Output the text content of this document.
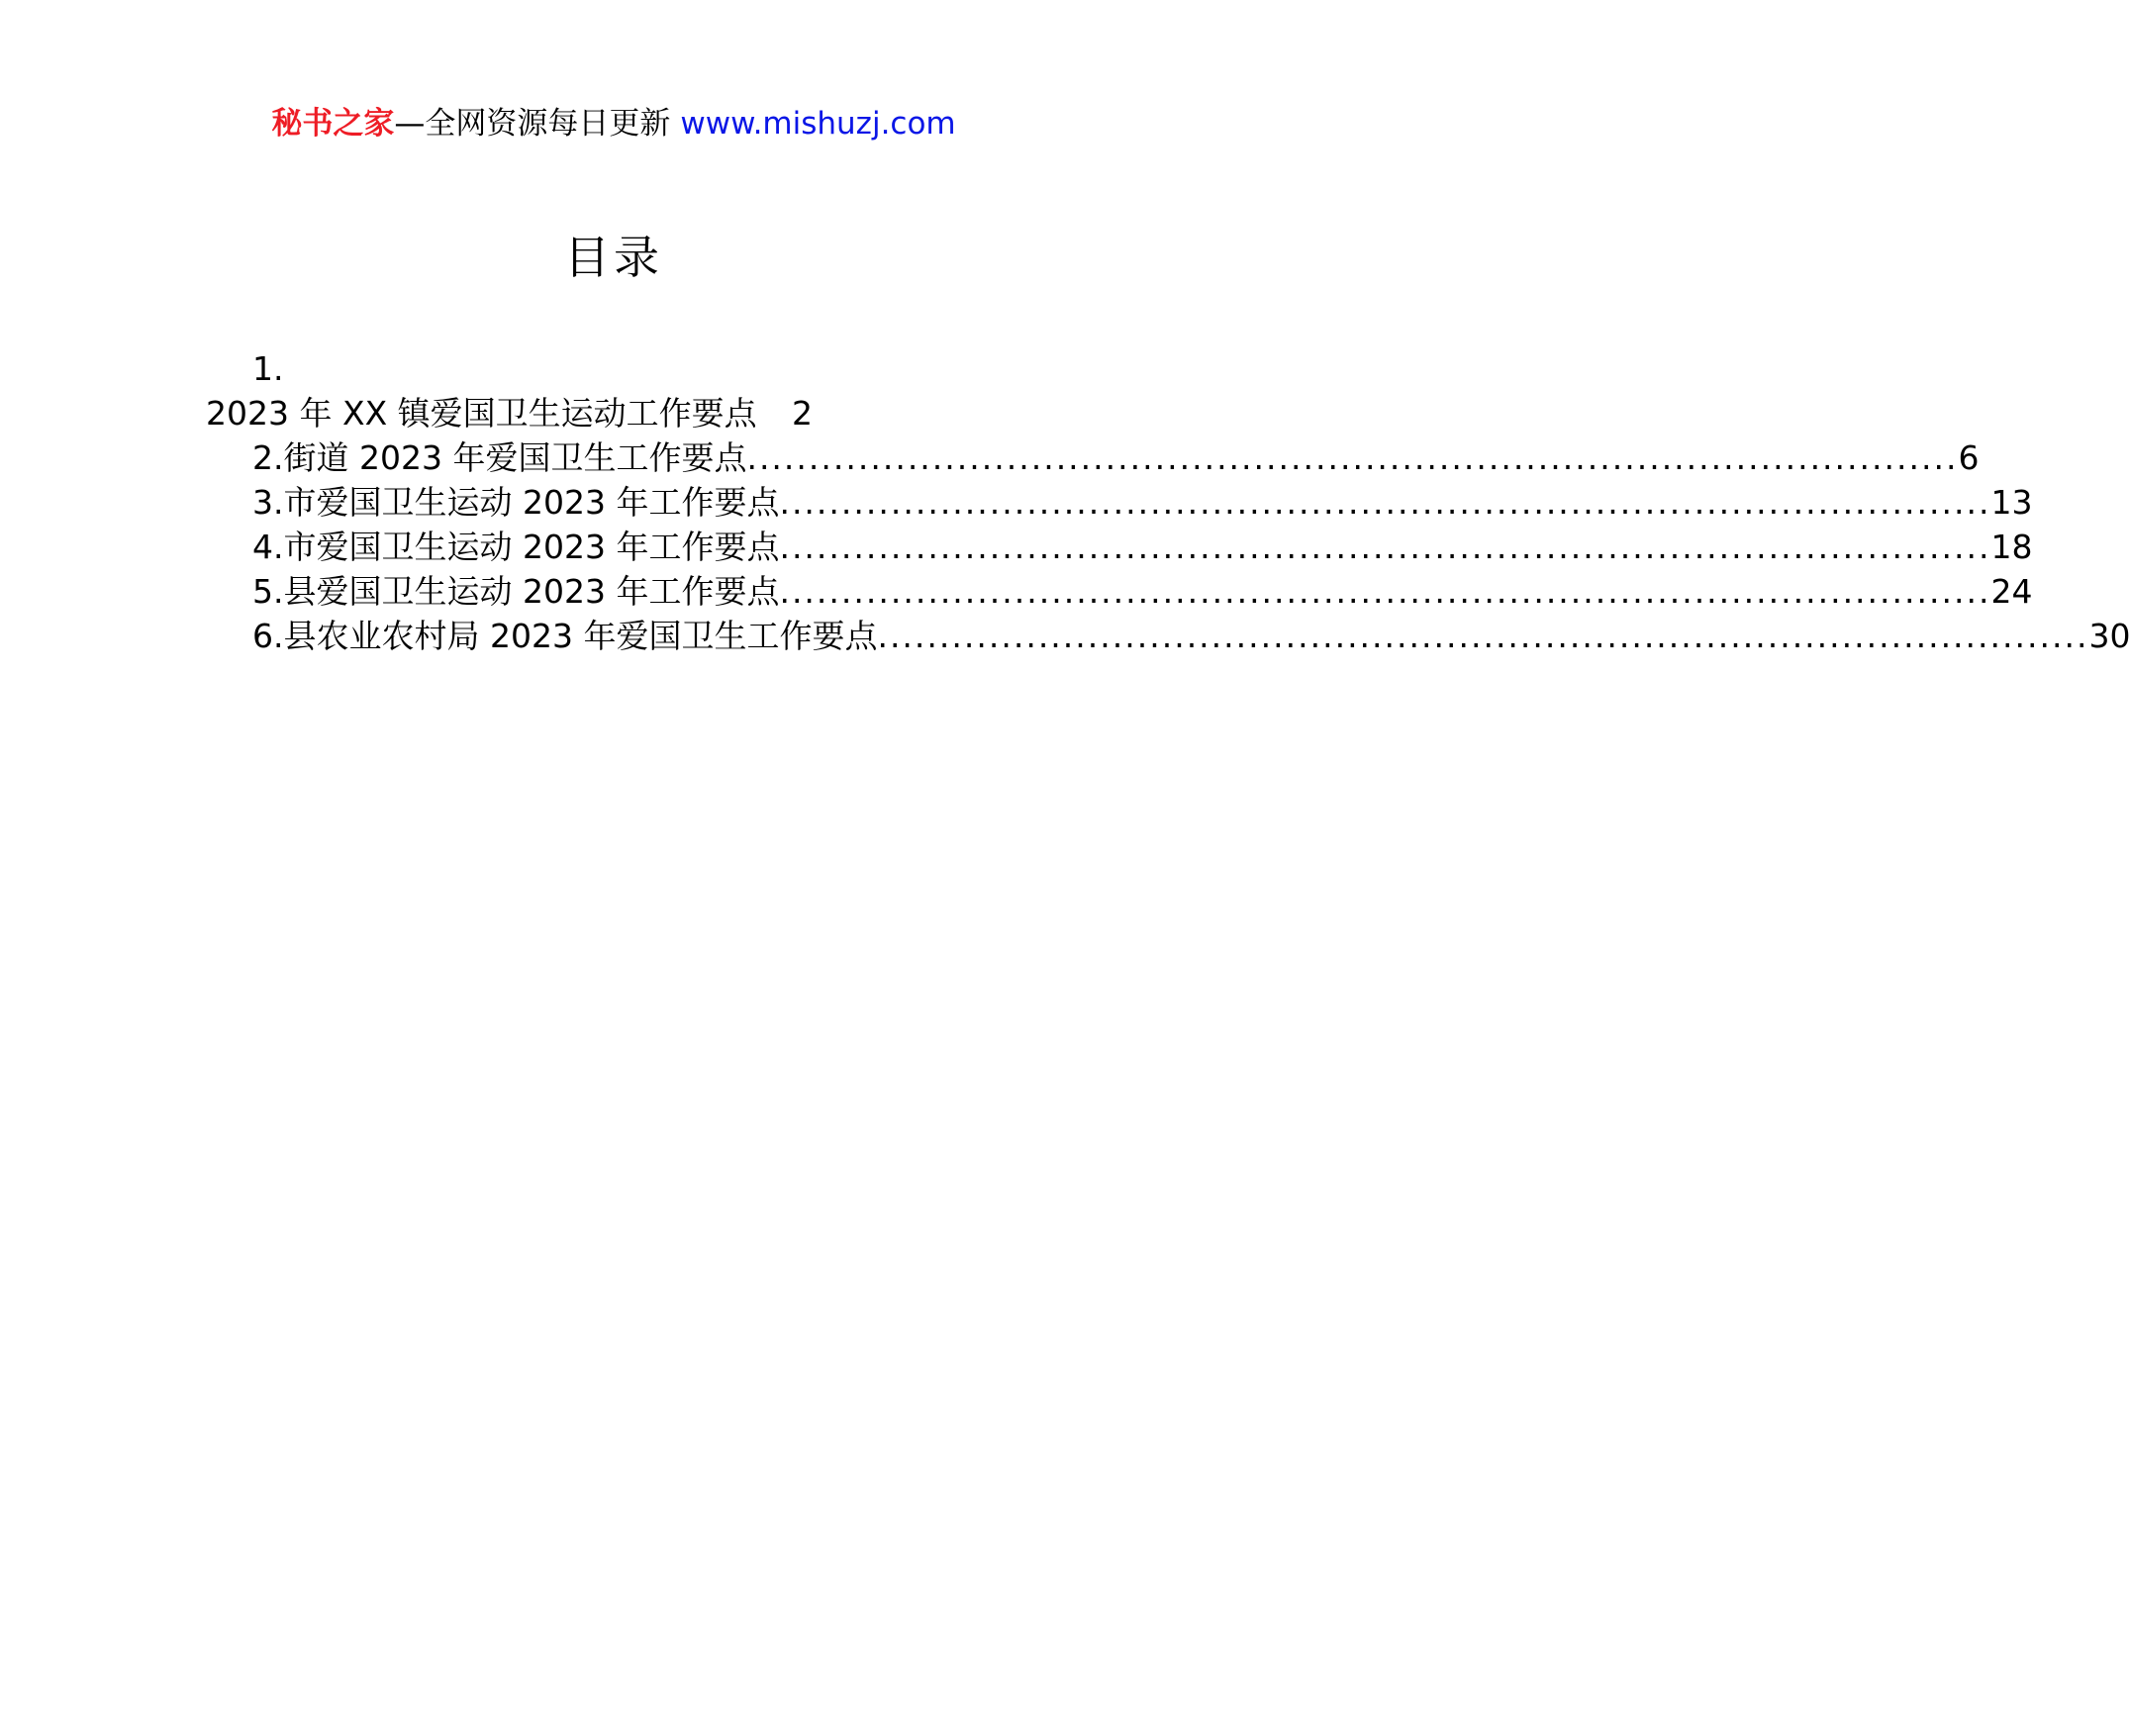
秘书之家—全网资源每日更新 www.mishuzj.com
目录
1.
2023 年 XX 镇爱国卫生运动工作要点 2
2.街道 2023 年爱国卫生工作要点 .................................................................................................. 6
3.市爱国卫生运动 2023 年工作要点 .................................................................................................. 13
4.市爱国卫生运动 2023 年工作要点 .................................................................................................. 18
5.县爱国卫生运动 2023 年工作要点 .................................................................................................. 24
6.县农业农村局 2023 年爱国卫生工作要点 .................................................................................................. 30
